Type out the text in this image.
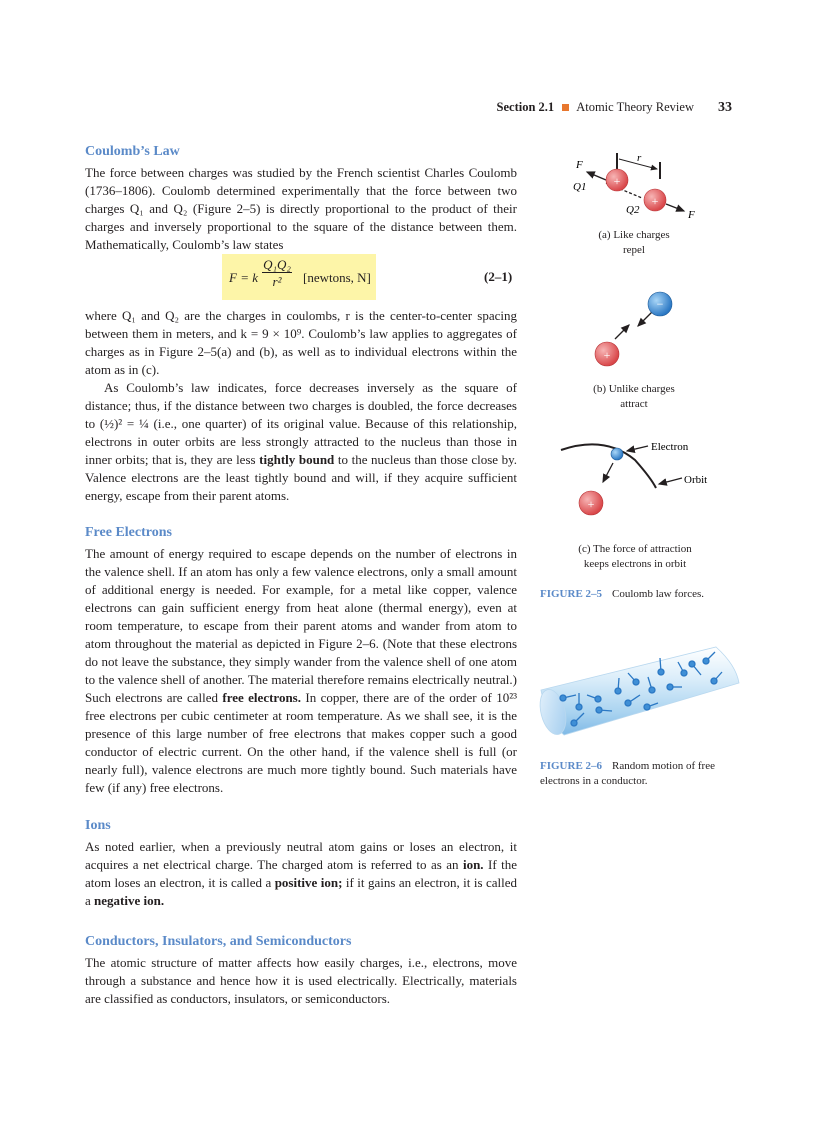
Section 2.1 Atomic Theory Review 33
Coulomb’s Law

The force between charges was studied by the French scientist Charles Coulomb (1736–1806). Coulomb determined experimentally that the force between two charges Q₁ and Q₂ (Figure 2–5) is directly proportional to the product of their charges and inversely proportional to the square of the distance between them. Mathematically, Coulomb’s law states

F = k
Q₁Q₂
r²	[newtons, N]	(2–1)

where Q₁ and Q₂ are the charges in coulombs, r is the center-to-center spacing between them in meters, and k = 9 × 10⁹. Coulomb’s law applies to aggregates of charges as in Figure 2–5(a) and (b), as well as to individual electrons within the atom as in (c).

As Coulomb’s law indicates, force decreases inversely as the square of distance; thus, if the distance between two charges is doubled, the force decreases to (½)² = ¼ (i.e., one quarter) of its original value. Because of this relationship, electrons in outer orbits are less strongly attracted to the nucleus than those in inner orbits; that is, they are less tightly bound to the nucleus than those close by. Valence electrons are the least tightly bound and will, if they acquire sufficient energy, escape from their parent atoms.

Free Electrons

The amount of energy required to escape depends on the number of electrons in the valence shell. If an atom has only a few valence electrons, only a small amount of additional energy is needed. For example, for a metal like copper, valence electrons can gain sufficient energy from heat alone (thermal energy), even at room temperature, to escape from their parent atoms and wander from atom to atom throughout the material as depicted in Figure 2–6. (Note that these electrons do not leave the substance, they simply wander from the valence shell of one atom to the valence shell of another. The material therefore remains electrically neutral.) Such electrons are called free electrons. In copper, there are of the order of 10²³ free electrons per cubic centimeter at room temperature. As we shall see, it is the presence of this large number of free electrons that makes copper such a good conductor of electric current. On the other hand, if the valence shell is full (or nearly full), valence electrons are much more tightly bound. Such materials have few (if any) free electrons.

Ions

As noted earlier, when a previously neutral atom gains or loses an electron, it acquires a net electrical charge. The charged atom is referred to as an ion. If the atom loses an electron, it is called a positive ion; if it gains an electron, it is called a negative ion.

Conductors, Insulators, and Semiconductors

The atomic structure of matter affects how easily charges, i.e., electrons, move through a substance and hence how it is used electrically. Electrically, materials are classified as conductors, insulators, or semiconductors.

+
+
F
Q1
r
Q2	F
(a) Like charges
repel
−
+
(b) Unlike charges
attract
+
Electron
Orbit
(c) The force of attraction
keeps electrons in orbit
FIGURE 2–5 Coulomb law forces.
FIGURE 2–6 Random motion of free electrons in a conductor.
